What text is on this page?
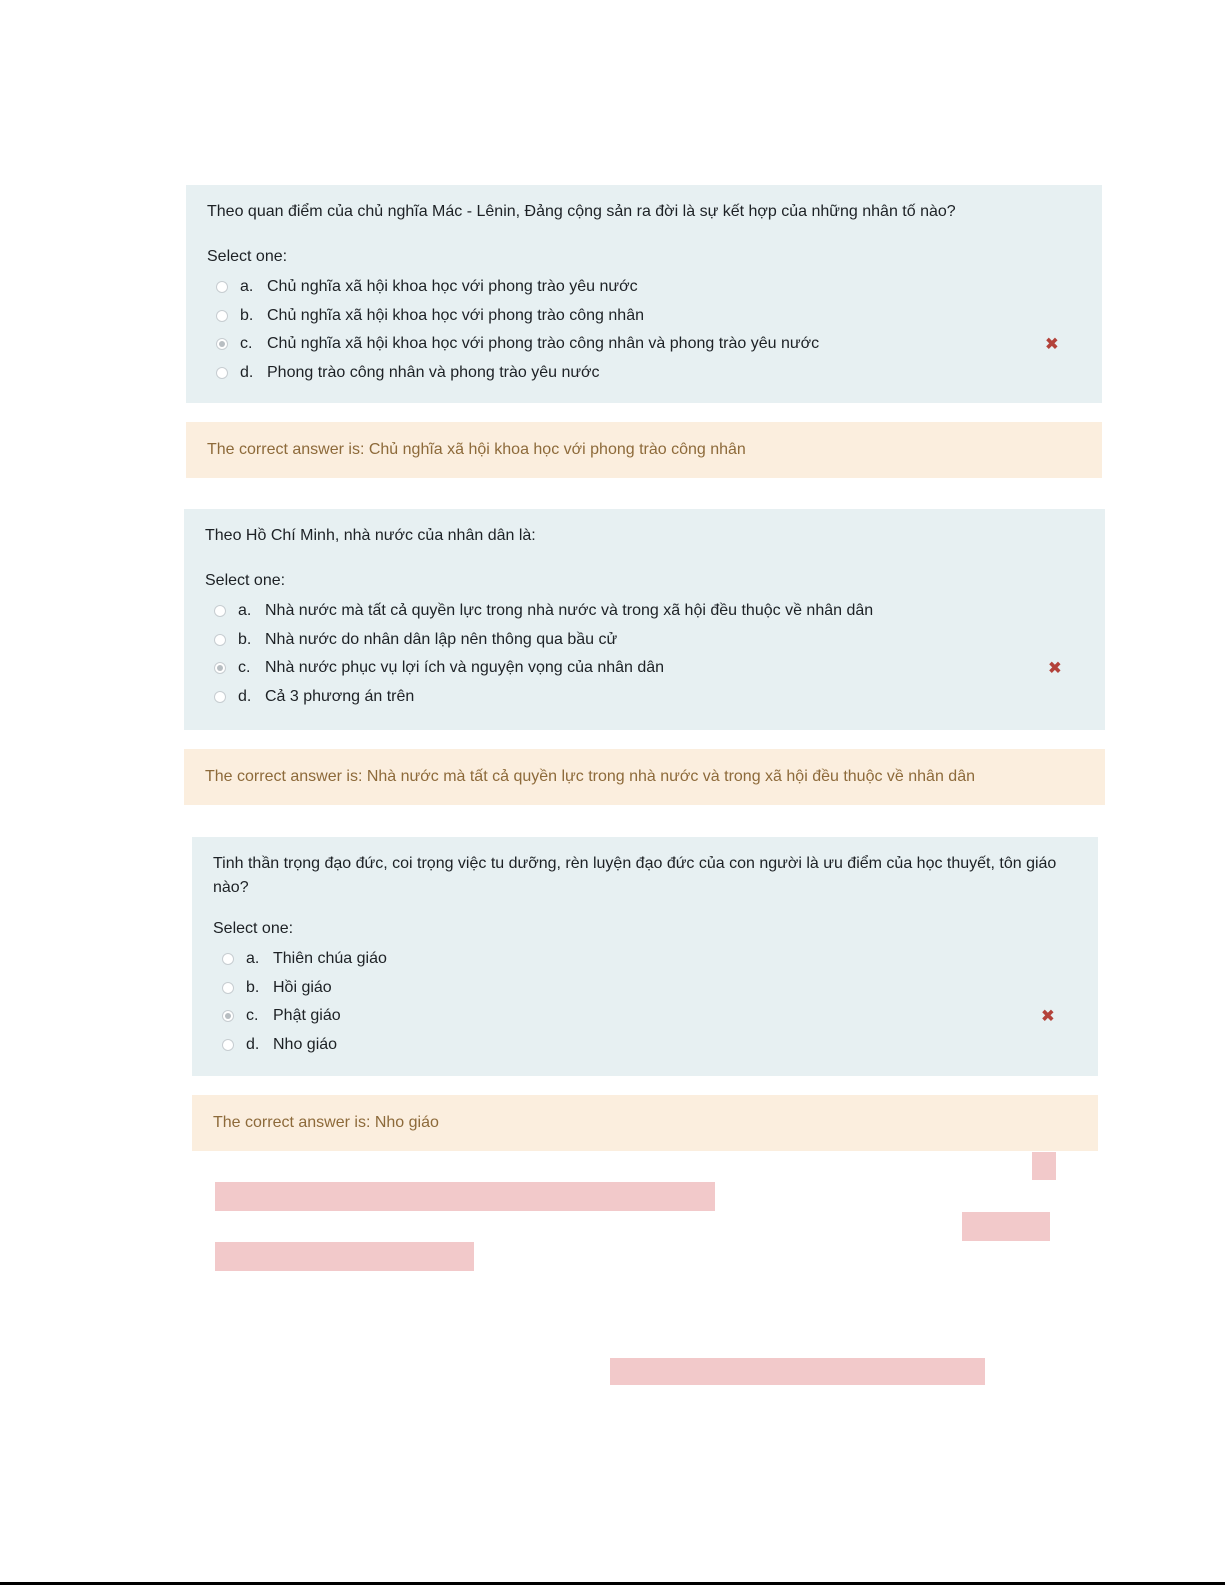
Theo quan điểm của chủ nghĩa Mác - Lênin, Đảng cộng sản ra đời là sự kết hợp của những nhân tố nào?

Select one:
a. Chủ nghĩa xã hội khoa học với phong trào yêu nước
b. Chủ nghĩa xã hội khoa học với phong trào công nhân
c. Chủ nghĩa xã hội khoa học với phong trào công nhân và phong trào yêu nước	✖
d. Phong trào công nhân và phong trào yêu nước
The correct answer is:
Chủ nghĩa xã hội khoa học với phong trào công nhân

Theo Hồ Chí Minh, nhà nước của nhân dân là:

Select one:
a. Nhà nước mà tất cả quyền lực trong nhà nước và trong xã hội đều thuộc về nhân dân
b. Nhà nước do nhân dân lập nên thông qua bầu cử
c. Nhà nước phục vụ lợi ích và nguyện vọng của nhân dân	✖
d. Cả 3 phương án trên
The correct answer is:
Nhà nước mà tất cả quyền lực trong nhà nước và trong xã hội đều thuộc về nhân dân

Tinh thần trọng đạo đức, coi trọng việc tu dưỡng, rèn luyện đạo đức của con người là ưu điểm của học thuyết, tôn giáo
nào?

Select one:
a. Thiên chúa giáo
b. Hồi giáo
c. Phật giáo	✖
d. Nho giáo
The correct answer is:
Nho giáo
